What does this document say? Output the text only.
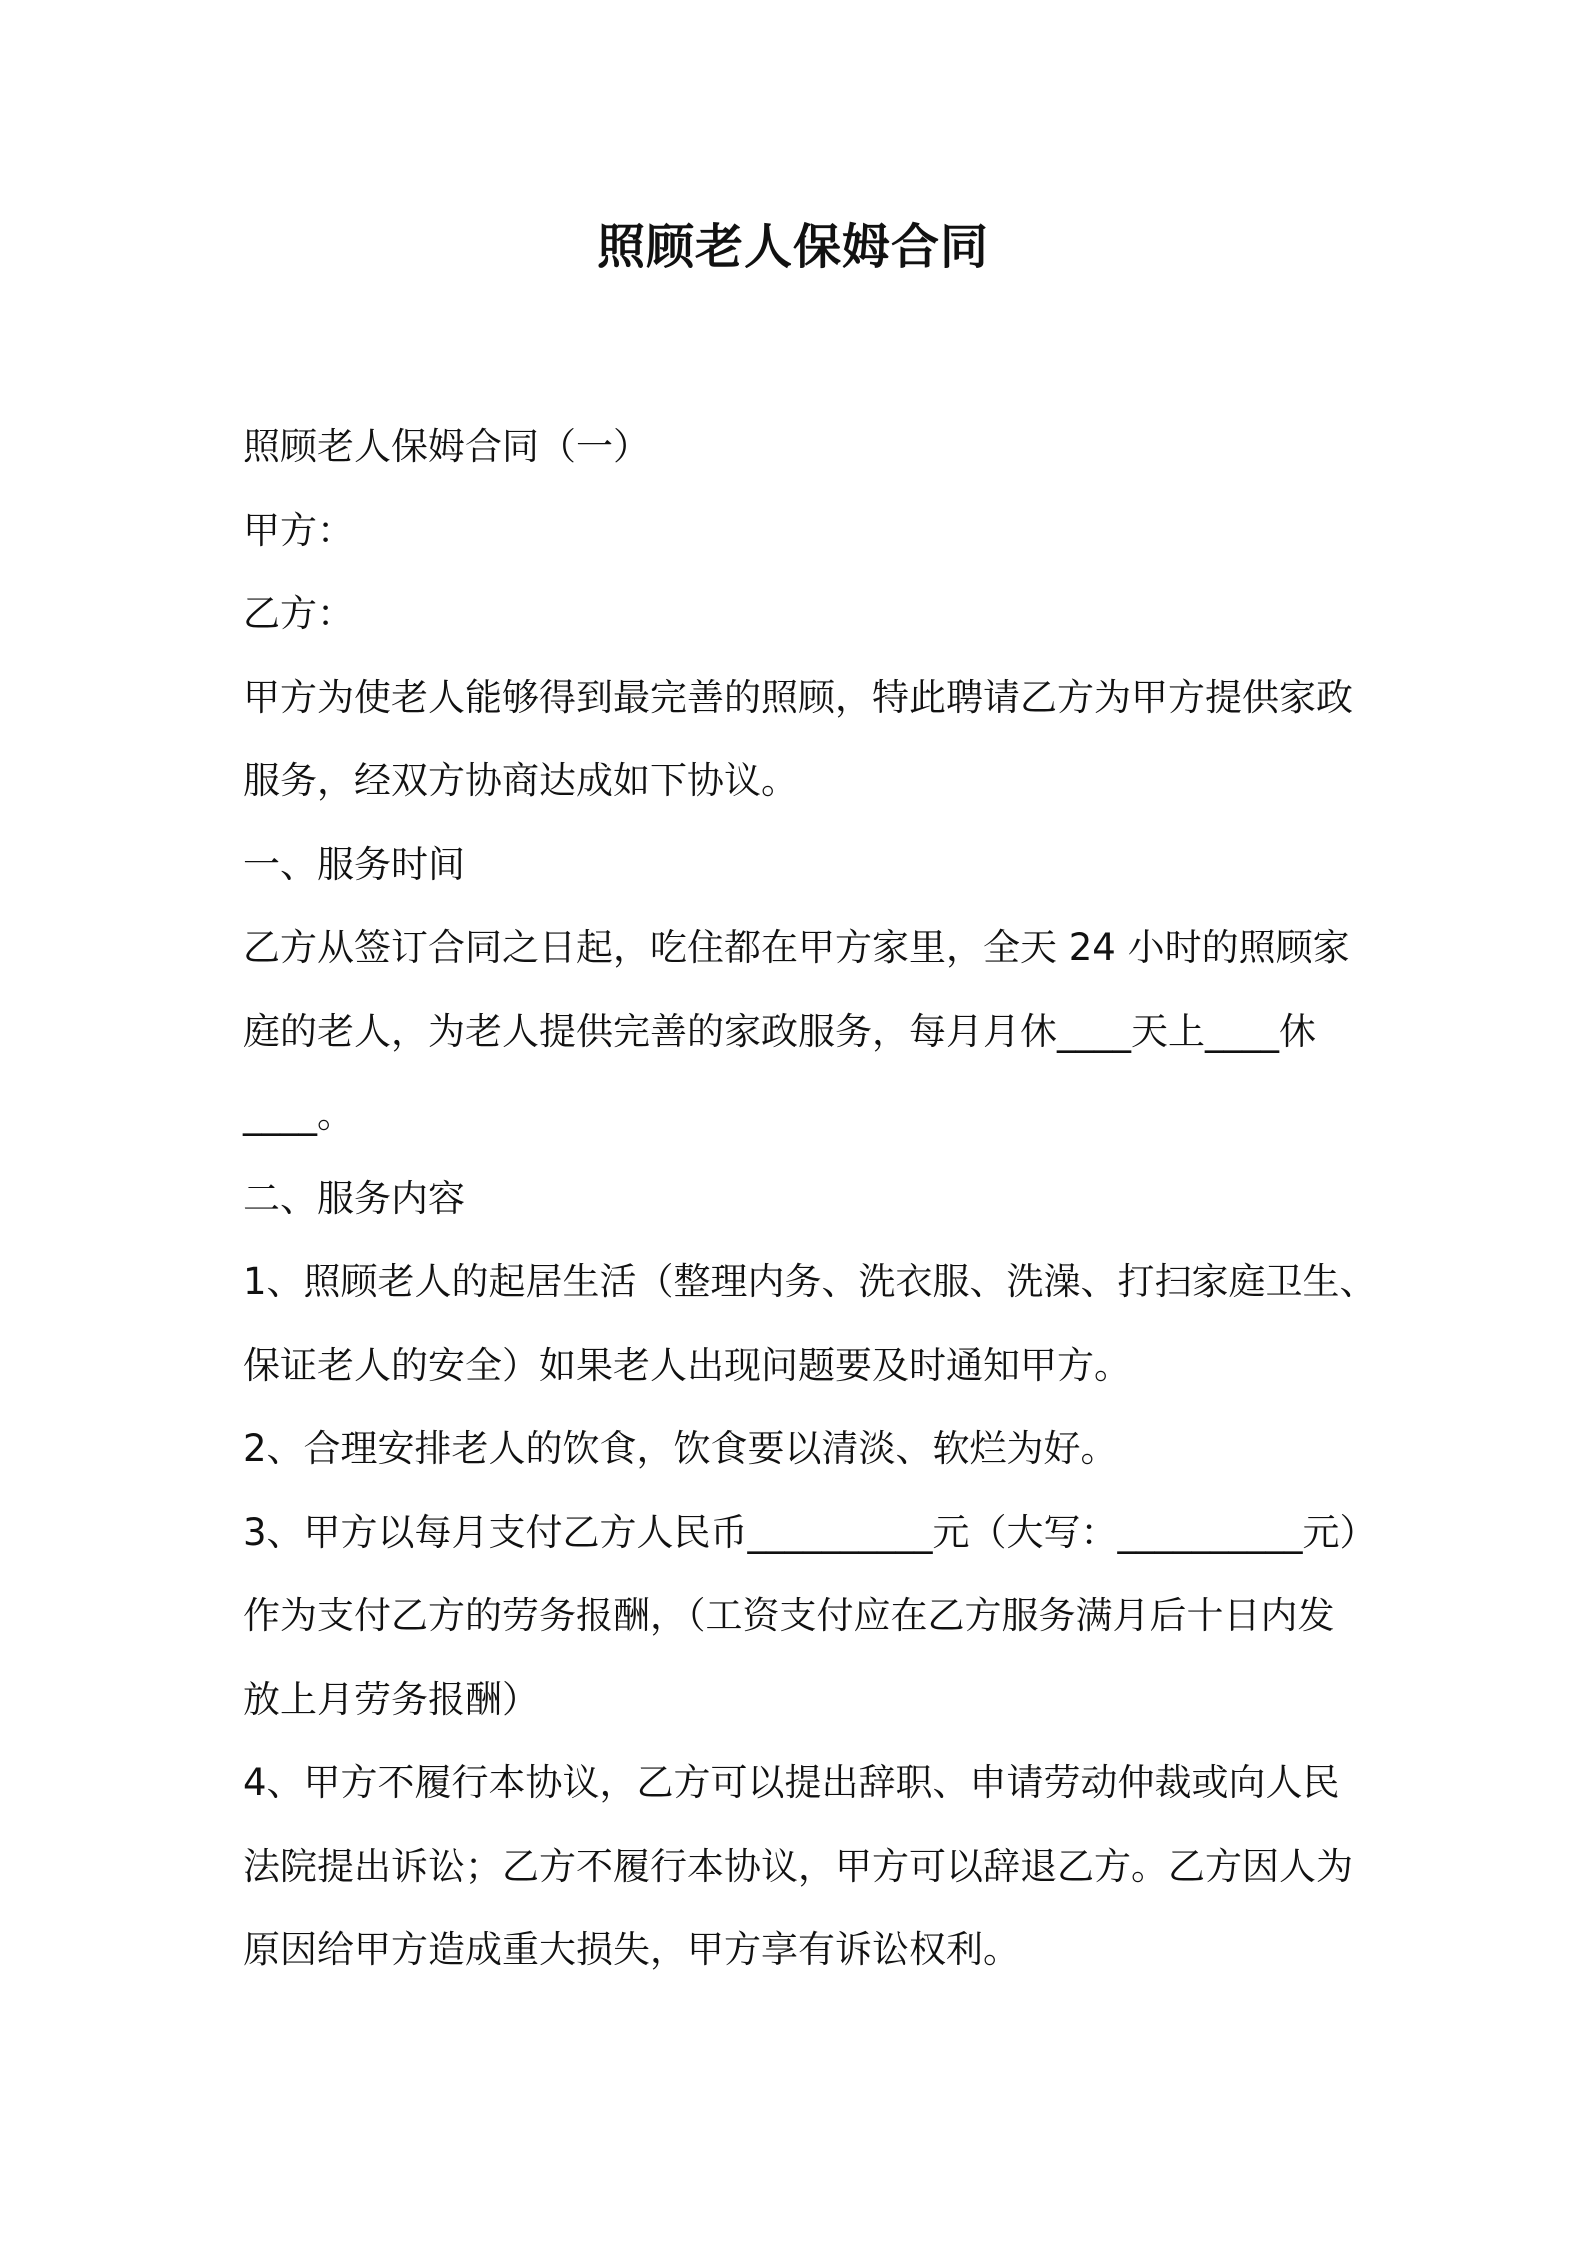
照顾老人保姆合同
照顾老人保姆合同（一）
甲方：
乙方：
甲方为使老人能够得到最完善的照顾，特此聘请乙方为甲方提供家政
服务，经双方协商达成如下协议。
一、服务时间
乙方从签订合同之日起，吃住都在甲方家里，全天 24 小时的照顾家
庭的老人，为老人提供完善的家政服务，每月月休____天上____休
____。
二、服务内容
1、照顾老人的起居生活（整理内务、洗衣服、洗澡、打扫家庭卫生、
保证老人的安全）如果老人出现问题要及时通知甲方。
2、合理安排老人的饮食，饮食要以清淡、软烂为好。
3、甲方以每月支付乙方人民币__________元（大写：__________元）
作为支付乙方的劳务报酬，（工资支付应在乙方服务满月后十日内发
放上月劳务报酬）
4、甲方不履行本协议，乙方可以提出辞职、申请劳动仲裁或向人民
法院提出诉讼；乙方不履行本协议，甲方可以辞退乙方。乙方因人为
原因给甲方造成重大损失，甲方享有诉讼权利。
